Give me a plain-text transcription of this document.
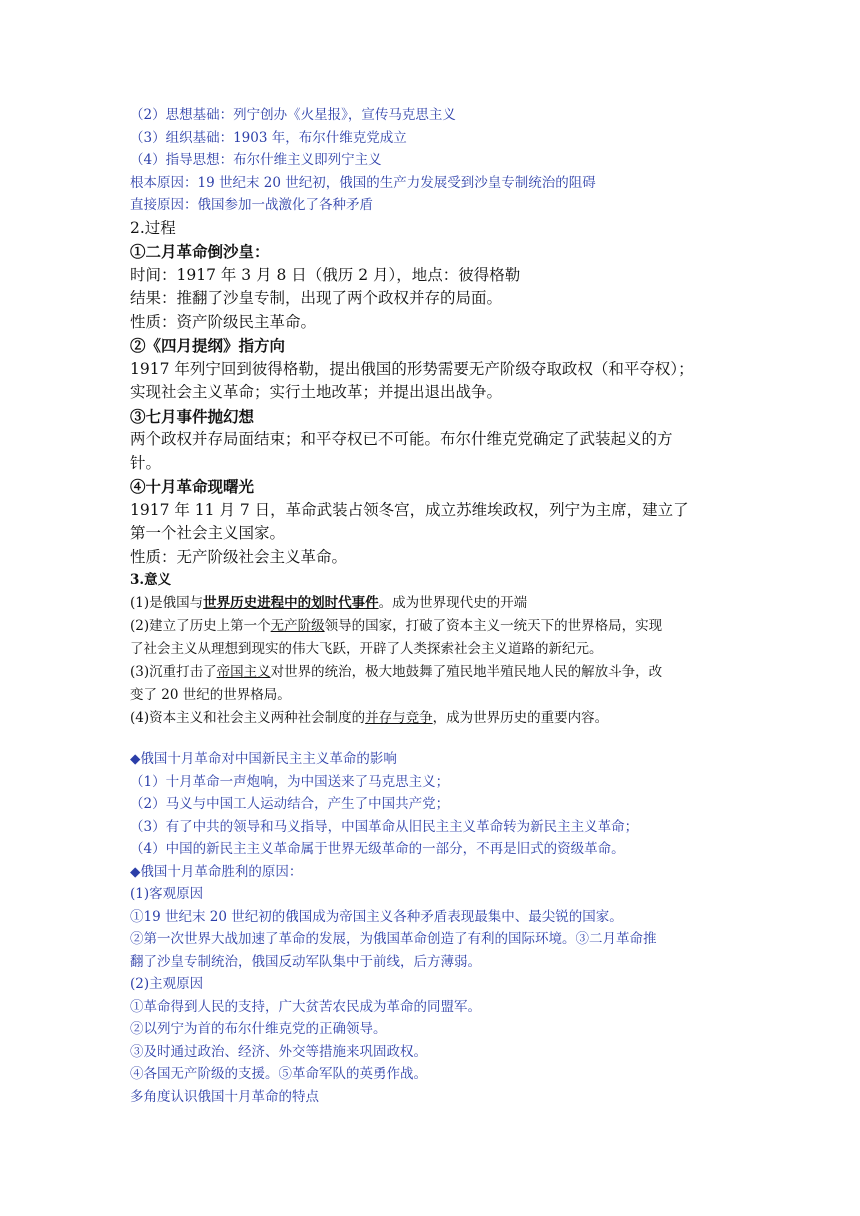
（2）思想基础：列宁创办《火星报》，宣传马克思主义

（3）组织基础：1903 年，布尔什维克党成立

（4）指导思想：布尔什维主义即列宁主义

根本原因：19 世纪末 20 世纪初，俄国的生产力发展受到沙皇专制统治的阻碍

直接原因：俄国参加一战激化了各种矛盾

2.过程

①二月革命倒沙皇：

时间：1917 年 3 月 8 日（俄历 2 月），地点：彼得格勒

结果：推翻了沙皇专制，出现了两个政权并存的局面。

性质：资产阶级民主革命。

②《四月提纲》指方向

1917 年列宁回到彼得格勒，提出俄国的形势需要无产阶级夺取政权（和平夺权）；

实现社会主义革命；实行土地改革；并提出退出战争。

③七月事件抛幻想

两个政权并存局面结束；和平夺权已不可能。布尔什维克党确定了武装起义的方

针。

④十月革命现曙光

1917 年 11 月 7 日，革命武装占领冬宫，成立苏维埃政权，列宁为主席，建立了

第一个社会主义国家。

性质：无产阶级社会主义革命。

3.意义

(1)是俄国与世界历史进程中的划时代事件。成为世界现代史的开端

(2)建立了历史上第一个无产阶级领导的国家，打破了资本主义一统天下的世界格局，实现

了社会主义从理想到现实的伟大飞跃，开辟了人类探索社会主义道路的新纪元。

(3)沉重打击了帝国主义对世界的统治，极大地鼓舞了殖民地半殖民地人民的解放斗争，改

变了 20 世纪的世界格局。

(4)资本主义和社会主义两种社会制度的并存与竞争，成为世界历史的重要内容。

◆俄国十月革命对中国新民主主义革命的影响

（1）十月革命一声炮响，为中国送来了马克思主义；

（2）马义与中国工人运动结合，产生了中国共产党；

（3）有了中共的领导和马义指导，中国革命从旧民主主义革命转为新民主主义革命；

（4）中国的新民主主义革命属于世界无级革命的一部分，不再是旧式的资级革命。

◆俄国十月革命胜利的原因：

(1)客观原因

①19 世纪末 20 世纪初的俄国成为帝国主义各种矛盾表现最集中、最尖锐的国家。

②第一次世界大战加速了革命的发展，为俄国革命创造了有利的国际环境。③二月革命推

翻了沙皇专制统治，俄国反动军队集中于前线，后方薄弱。

(2)主观原因

①革命得到人民的支持，广大贫苦农民成为革命的同盟军。

②以列宁为首的布尔什维克党的正确领导。

③及时通过政治、经济、外交等措施来巩固政权。

④各国无产阶级的支援。⑤革命军队的英勇作战。

多角度认识俄国十月革命的特点
